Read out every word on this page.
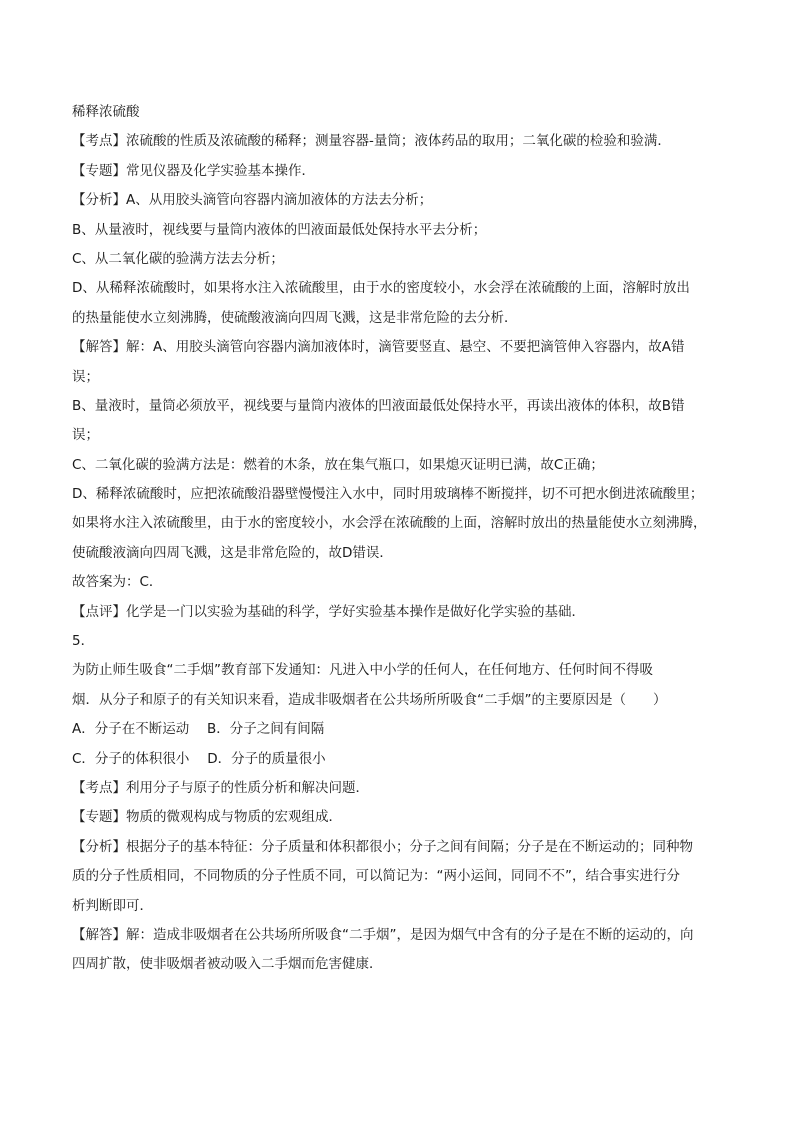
稀释浓硫酸
【考点】浓硫酸的性质及浓硫酸的稀释；测量容器-量筒；液体药品的取用；二氧化碳的检验和验满．
【专题】常见仪器及化学实验基本操作．
【分析】A、从用胶头滴管向容器内滴加液体的方法去分析；
B、从量液时，视线要与量筒内液体的凹液面最低处保持水平去分析；
C、从二氧化碳的验满方法去分析；
D、从稀释浓硫酸时，如果将水注入浓硫酸里，由于水的密度较小，水会浮在浓硫酸的上面，溶解时放出
的热量能使水立刻沸腾，使硫酸液滴向四周飞溅，这是非常危险的去分析．
【解答】解：A、用胶头滴管向容器内滴加液体时，滴管要竖直、悬空、不要把滴管伸入容器内，故A错
误；
B、量液时，量筒必须放平，视线要与量筒内液体的凹液面最低处保持水平，再读出液体的体积，故B错
误；
C、二氧化碳的验满方法是：燃着的木条，放在集气瓶口，如果熄灭证明已满，故C正确；
D、稀释浓硫酸时，应把浓硫酸沿器壁慢慢注入水中，同时用玻璃棒不断搅拌，切不可把水倒进浓硫酸里；
如果将水注入浓硫酸里，由于水的密度较小，水会浮在浓硫酸的上面，溶解时放出的热量能使水立刻沸腾，
使硫酸液滴向四周飞溅，这是非常危险的，故D错误．
故答案为：C．
【点评】化学是一门以实验为基础的科学，学好实验基本操作是做好化学实验的基础．
5．
为防止师生吸食“二手烟”教育部下发通知：凡进入中小学的任何人，在任何地方、任何时间不得吸
烟．从分子和原子的有关知识来看，造成非吸烟者在公共场所所吸食“二手烟”的主要原因是（　　）
A．分子在不断运动　 B．分子之间有间隔
C．分子的体积很小　 D．分子的质量很小
【考点】利用分子与原子的性质分析和解决问题．
【专题】物质的微观构成与物质的宏观组成．
【分析】根据分子的基本特征：分子质量和体积都很小；分子之间有间隔；分子是在不断运动的；同种物
质的分子性质相同，不同物质的分子性质不同，可以简记为：“两小运间，同同不不”，结合事实进行分
析判断即可．
【解答】解：造成非吸烟者在公共场所所吸食“二手烟”，是因为烟气中含有的分子是在不断的运动的，向
四周扩散，使非吸烟者被动吸入二手烟而危害健康．
